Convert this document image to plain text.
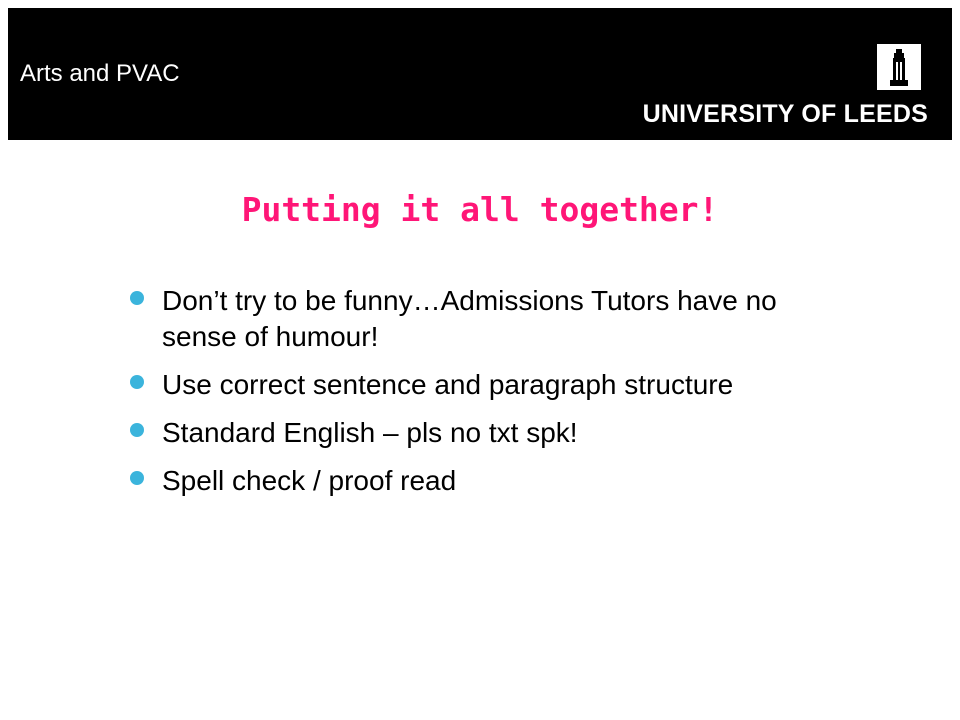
Arts and PVAC
UNIVERSITY OF LEEDS
Putting it all together!
Don’t try to be funny…Admissions Tutors have no sense of humour!
Use correct sentence and paragraph structure
Standard English – pls no txt spk!
Spell check / proof read
